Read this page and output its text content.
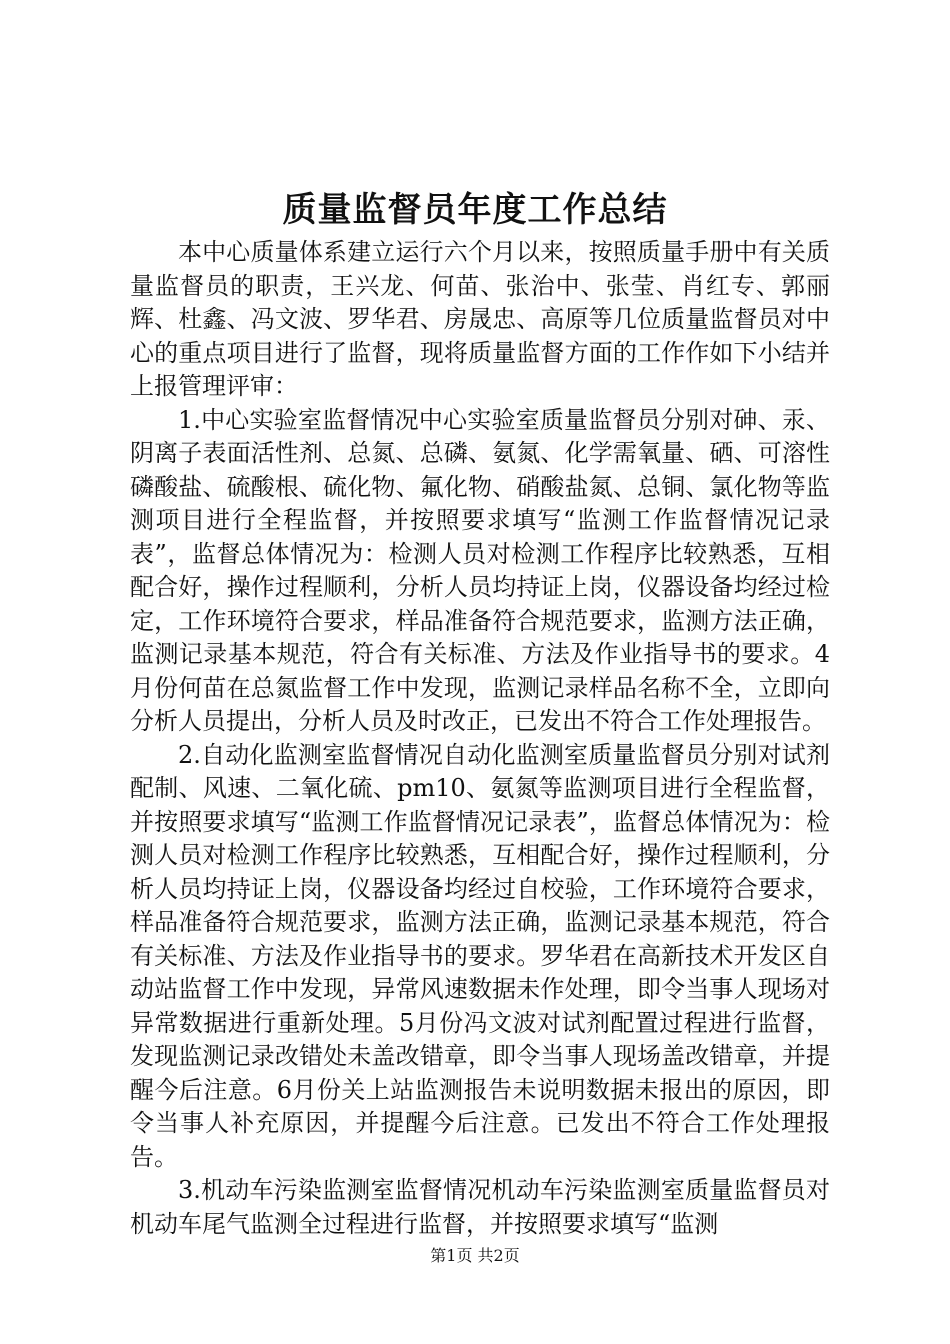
质量监督员年度工作总结

本中心质量体系建立运行六个月以来，按照质量手册中有关质量监督员的职责，王兴龙、何苗、张治中、张莹、肖红专、郭丽辉、杜鑫、冯文波、罗华君、房晟忠、高原等几位质量监督员对中心的重点项目进行了监督，现将质量监督方面的工作作如下小结并上报管理评审：

1.中心实验室监督情况中心实验室质量监督员分别对砷、汞、阴离子表面活性剂、总氮、总磷、氨氮、化学需氧量、硒、可溶性磷酸盐、硫酸根、硫化物、氟化物、硝酸盐氮、总铜、氯化物等监测项目进行全程监督，并按照要求填写“监测工作监督情况记录表”，监督总体情况为：检测人员对检测工作程序比较熟悉，互相配合好，操作过程顺利，分析人员均持证上岗，仪器设备均经过检定，工作环境符合要求，样品准备符合规范要求，监测方法正确，监测记录基本规范，符合有关标准、方法及作业指导书的要求。4月份何苗在总氮监督工作中发现，监测记录样品名称不全，立即向分析人员提出，分析人员及时改正，已发出不符合工作处理报告。

2.自动化监测室监督情况自动化监测室质量监督员分别对试剂配制、风速、二氧化硫、pm10、氨氮等监测项目进行全程监督，并按照要求填写“监测工作监督情况记录表”，监督总体情况为：检测人员对检测工作程序比较熟悉，互相配合好，操作过程顺利，分析人员均持证上岗，仪器设备均经过自校验，工作环境符合要求，样品准备符合规范要求，监测方法正确，监测记录基本规范，符合有关标准、方法及作业指导书的要求。罗华君在高新技术开发区自动站监督工作中发现，异常风速数据未作处理，即令当事人现场对异常数据进行重新处理。5月份冯文波对试剂配置过程进行监督，发现监测记录改错处未盖改错章，即令当事人现场盖改错章，并提醒今后注意。6月份关上站监测报告未说明数据未报出的原因，即令当事人补充原因，并提醒今后注意。已发出不符合工作处理报告。

3.机动车污染监测室监督情况机动车污染监测室质量监督员对机动车尾气监测全过程进行监督，并按照要求填写“监测

第1页 共2页
